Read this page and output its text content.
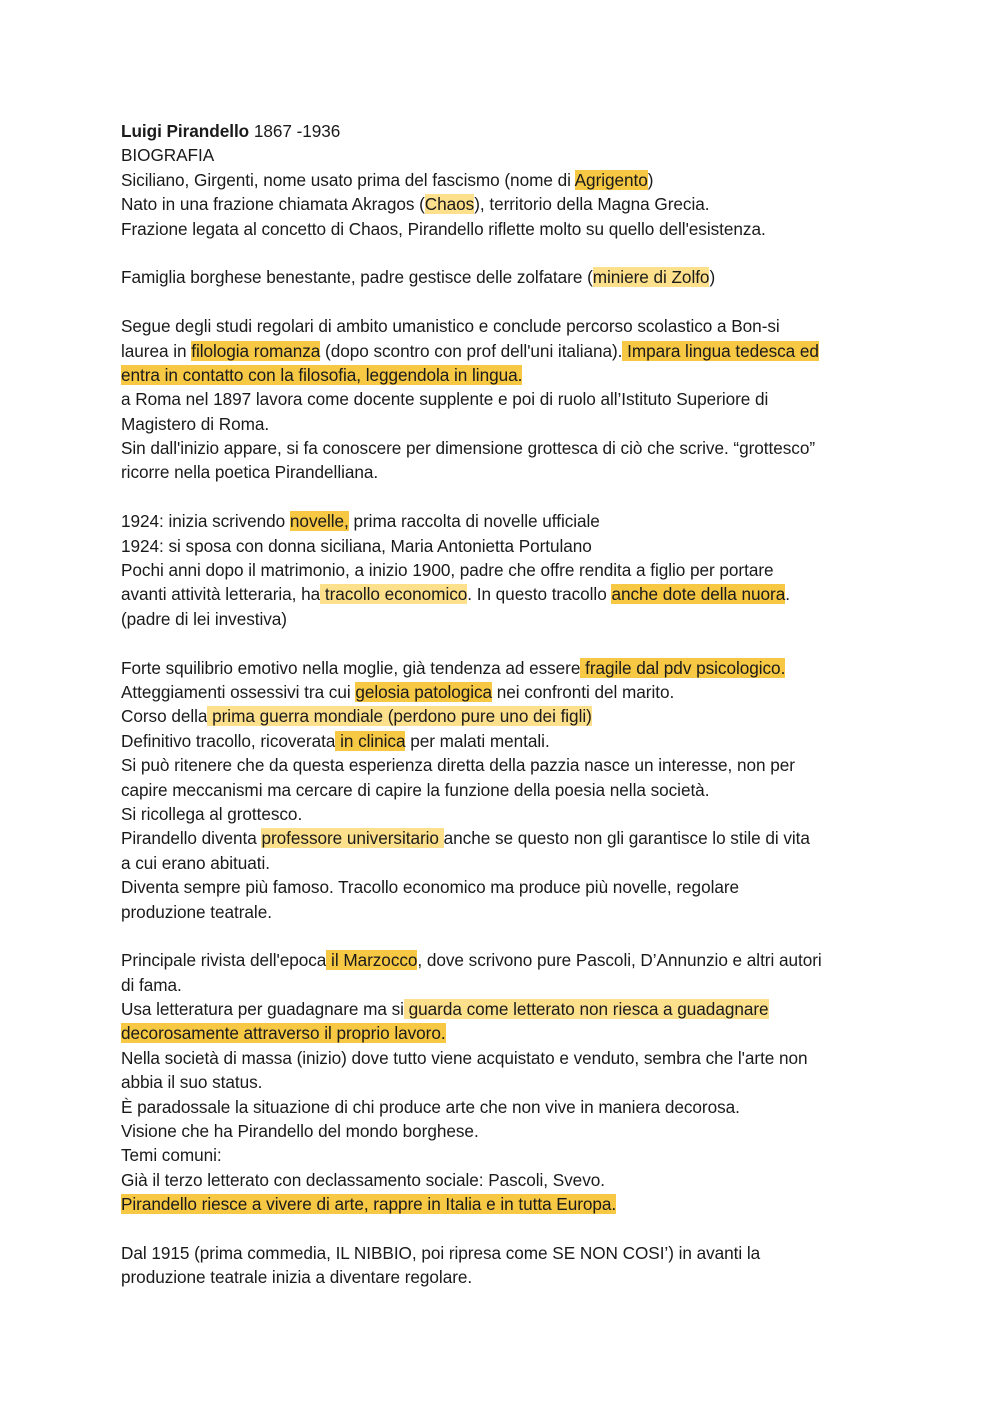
Luigi Pirandello 1867 -1936
BIOGRAFIA
Siciliano, Girgenti, nome usato prima del fascismo (nome di Agrigento)
Nato in una frazione chiamata Akragos (Chaos), territorio della Magna Grecia.
Frazione legata al concetto di Chaos, Pirandello riflette molto su quello dell'esistenza.
Famiglia borghese benestante, padre gestisce delle zolfatare (miniere di Zolfo)
Segue degli studi regolari di ambito umanistico e conclude percorso scolastico a Bon-si
laurea in filologia romanza (dopo scontro con prof dell'uni italiana). Impara lingua tedesca ed
entra in contatto con la filosofia, leggendola in lingua.
a Roma nel 1897 lavora come docente supplente e poi di ruolo all’Istituto Superiore di
Magistero di Roma.
Sin dall'inizio appare, si fa conoscere per dimensione grottesca di ciò che scrive. “grottesco”
ricorre nella poetica Pirandelliana.
1924: inizia scrivendo novelle, prima raccolta di novelle ufficiale
1924: si sposa con donna siciliana, Maria Antonietta Portulano
Pochi anni dopo il matrimonio, a inizio 1900, padre che offre rendita a figlio per portare
avanti attività letteraria, ha tracollo economico. In questo tracollo anche dote della nuora.
(padre di lei investiva)
Forte squilibrio emotivo nella moglie, già tendenza ad essere fragile dal pdv psicologico.
Atteggiamenti ossessivi tra cui gelosia patologica nei confronti del marito.
Corso della prima guerra mondiale (perdono pure uno dei figli)
Definitivo tracollo, ricoverata in clinica per malati mentali.
Si può ritenere che da questa esperienza diretta della pazzia nasce un interesse, non per
capire meccanismi ma cercare di capire la funzione della poesia nella società.
Si ricollega al grottesco.
Pirandello diventa professore universitario anche se questo non gli garantisce lo stile di vita
a cui erano abituati.
Diventa sempre più famoso. Tracollo economico ma produce più novelle, regolare
produzione teatrale.
Principale rivista dell'epoca il Marzocco, dove scrivono pure Pascoli, D’Annunzio e altri autori
di fama.
Usa letteratura per guadagnare ma si guarda come letterato non riesca a guadagnare
decorosamente attraverso il proprio lavoro.
Nella società di massa (inizio) dove tutto viene acquistato e venduto, sembra che l'arte non
abbia il suo status.
È paradossale la situazione di chi produce arte che non vive in maniera decorosa.
Visione che ha Pirandello del mondo borghese.
Temi comuni:
Già il terzo letterato con declassamento sociale: Pascoli, Svevo.
Pirandello riesce a vivere di arte, rappre in Italia e in tutta Europa.
Dal 1915 (prima commedia, IL NIBBIO, poi ripresa come SE NON COSI’) in avanti la
produzione teatrale inizia a diventare regolare.
